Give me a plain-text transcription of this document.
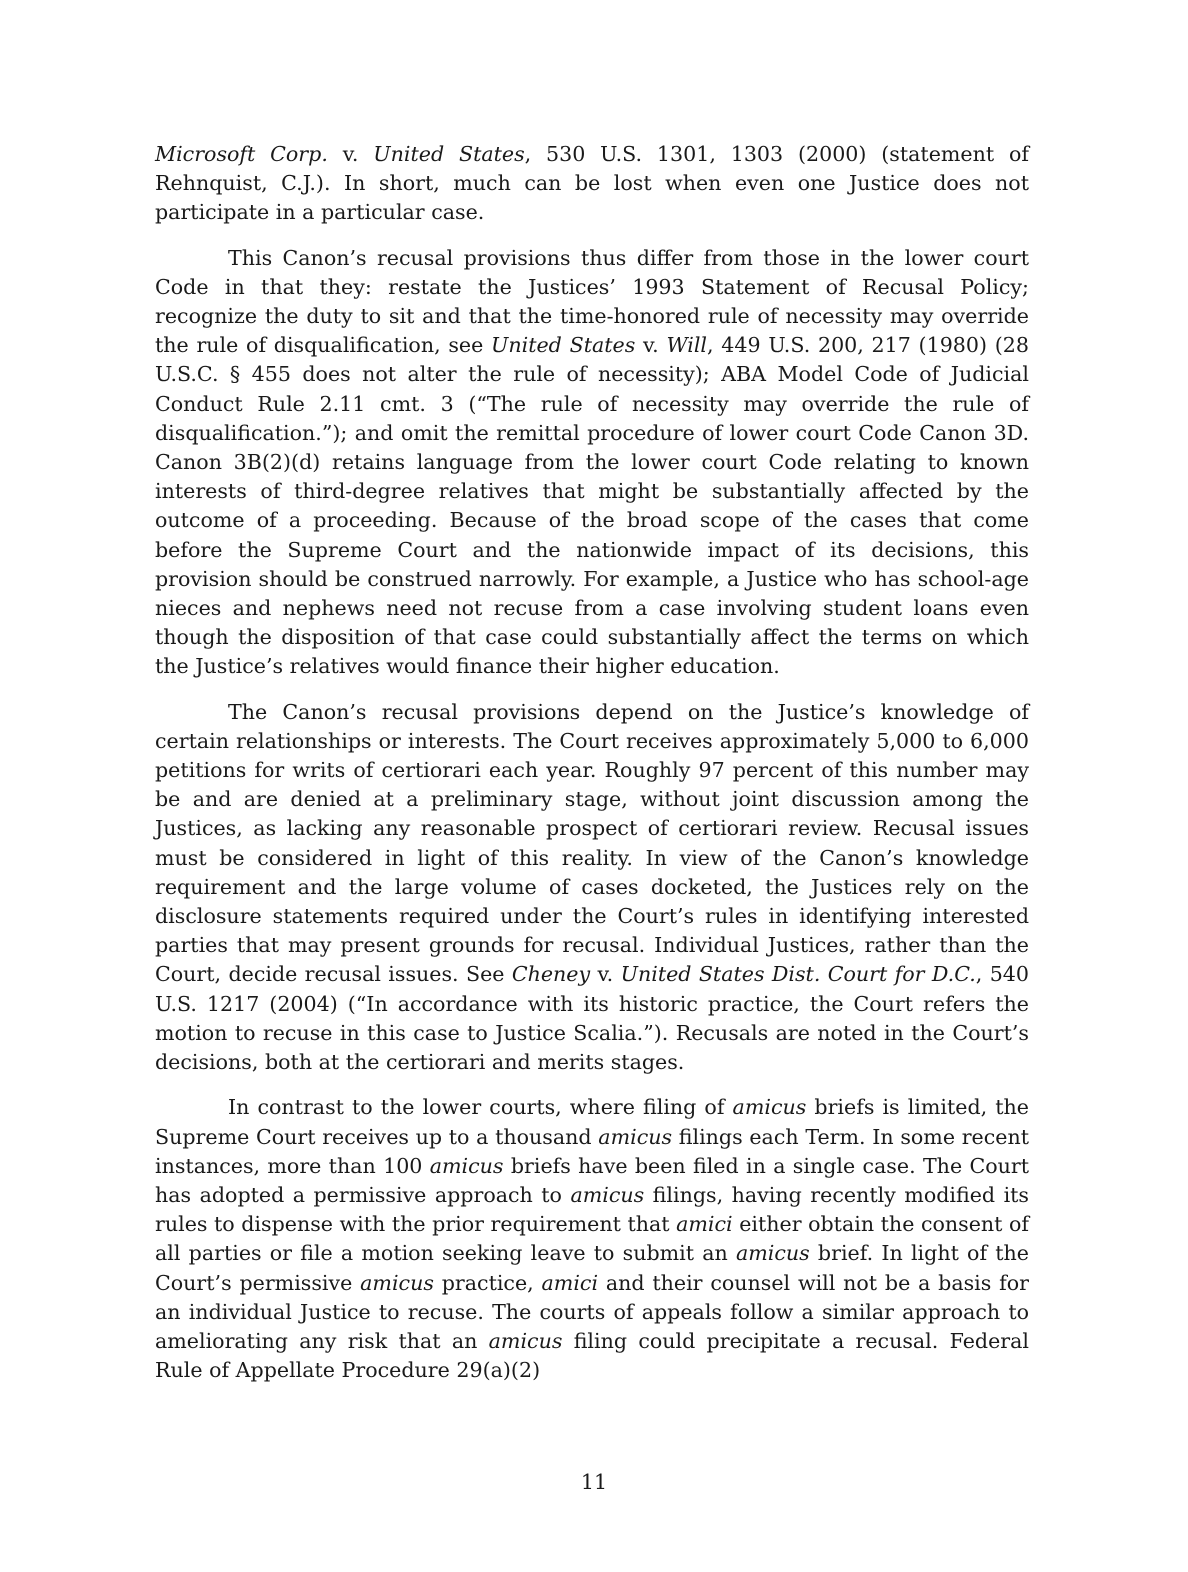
Microsoft Corp. v. United States, 530 U.S. 1301, 1303 (2000) (statement of Rehnquist, C.J.). In short, much can be lost when even one Justice does not participate in a particular case.

This Canon’s recusal provisions thus differ from those in the lower court Code in that they: restate the Justices’ 1993 Statement of Recusal Policy; recognize the duty to sit and that the time-honored rule of necessity may override the rule of disqualification, see United States v. Will, 449 U.S. 200, 217 (1980) (28 U.S.C. § 455 does not alter the rule of necessity); ABA Model Code of Judicial Conduct Rule 2.11 cmt. 3 (“The rule of necessity may override the rule of disqualification.”); and omit the remittal procedure of lower court Code Canon 3D. Canon 3B(2)(d) retains language from the lower court Code relating to known interests of third-degree relatives that might be substantially affected by the outcome of a proceeding. Because of the broad scope of the cases that come before the Supreme Court and the nationwide impact of its decisions, this provision should be construed narrowly. For example, a Justice who has school-age nieces and nephews need not recuse from a case involving student loans even though the disposition of that case could substantially affect the terms on which the Justice’s relatives would finance their higher education.

The Canon’s recusal provisions depend on the Justice’s knowledge of certain relationships or interests. The Court receives approximately 5,000 to 6,000 petitions for writs of certiorari each year. Roughly 97 percent of this number may be and are denied at a preliminary stage, without joint discussion among the Justices, as lacking any reasonable prospect of certiorari review. Recusal issues must be considered in light of this reality. In view of the Canon’s knowledge requirement and the large volume of cases docketed, the Justices rely on the disclosure statements required under the Court’s rules in identifying interested parties that may present grounds for recusal. Individual Justices, rather than the Court, decide recusal issues. See Cheney v. United States Dist. Court for D.C., 540 U.S. 1217 (2004) (“In accordance with its historic practice, the Court refers the motion to recuse in this case to Justice Scalia.”). Recusals are noted in the Court’s decisions, both at the certiorari and merits stages.

In contrast to the lower courts, where filing of amicus briefs is limited, the Supreme Court receives up to a thousand amicus filings each Term. In some recent instances, more than 100 amicus briefs have been filed in a single case. The Court has adopted a permissive approach to amicus filings, having recently modified its rules to dispense with the prior requirement that amici either obtain the consent of all parties or file a motion seeking leave to submit an amicus brief. In light of the Court’s permissive amicus practice, amici and their counsel will not be a basis for an individual Justice to recuse. The courts of appeals follow a similar approach to ameliorating any risk that an amicus filing could precipitate a recusal. Federal Rule of Appellate Procedure 29(a)(2)

11
